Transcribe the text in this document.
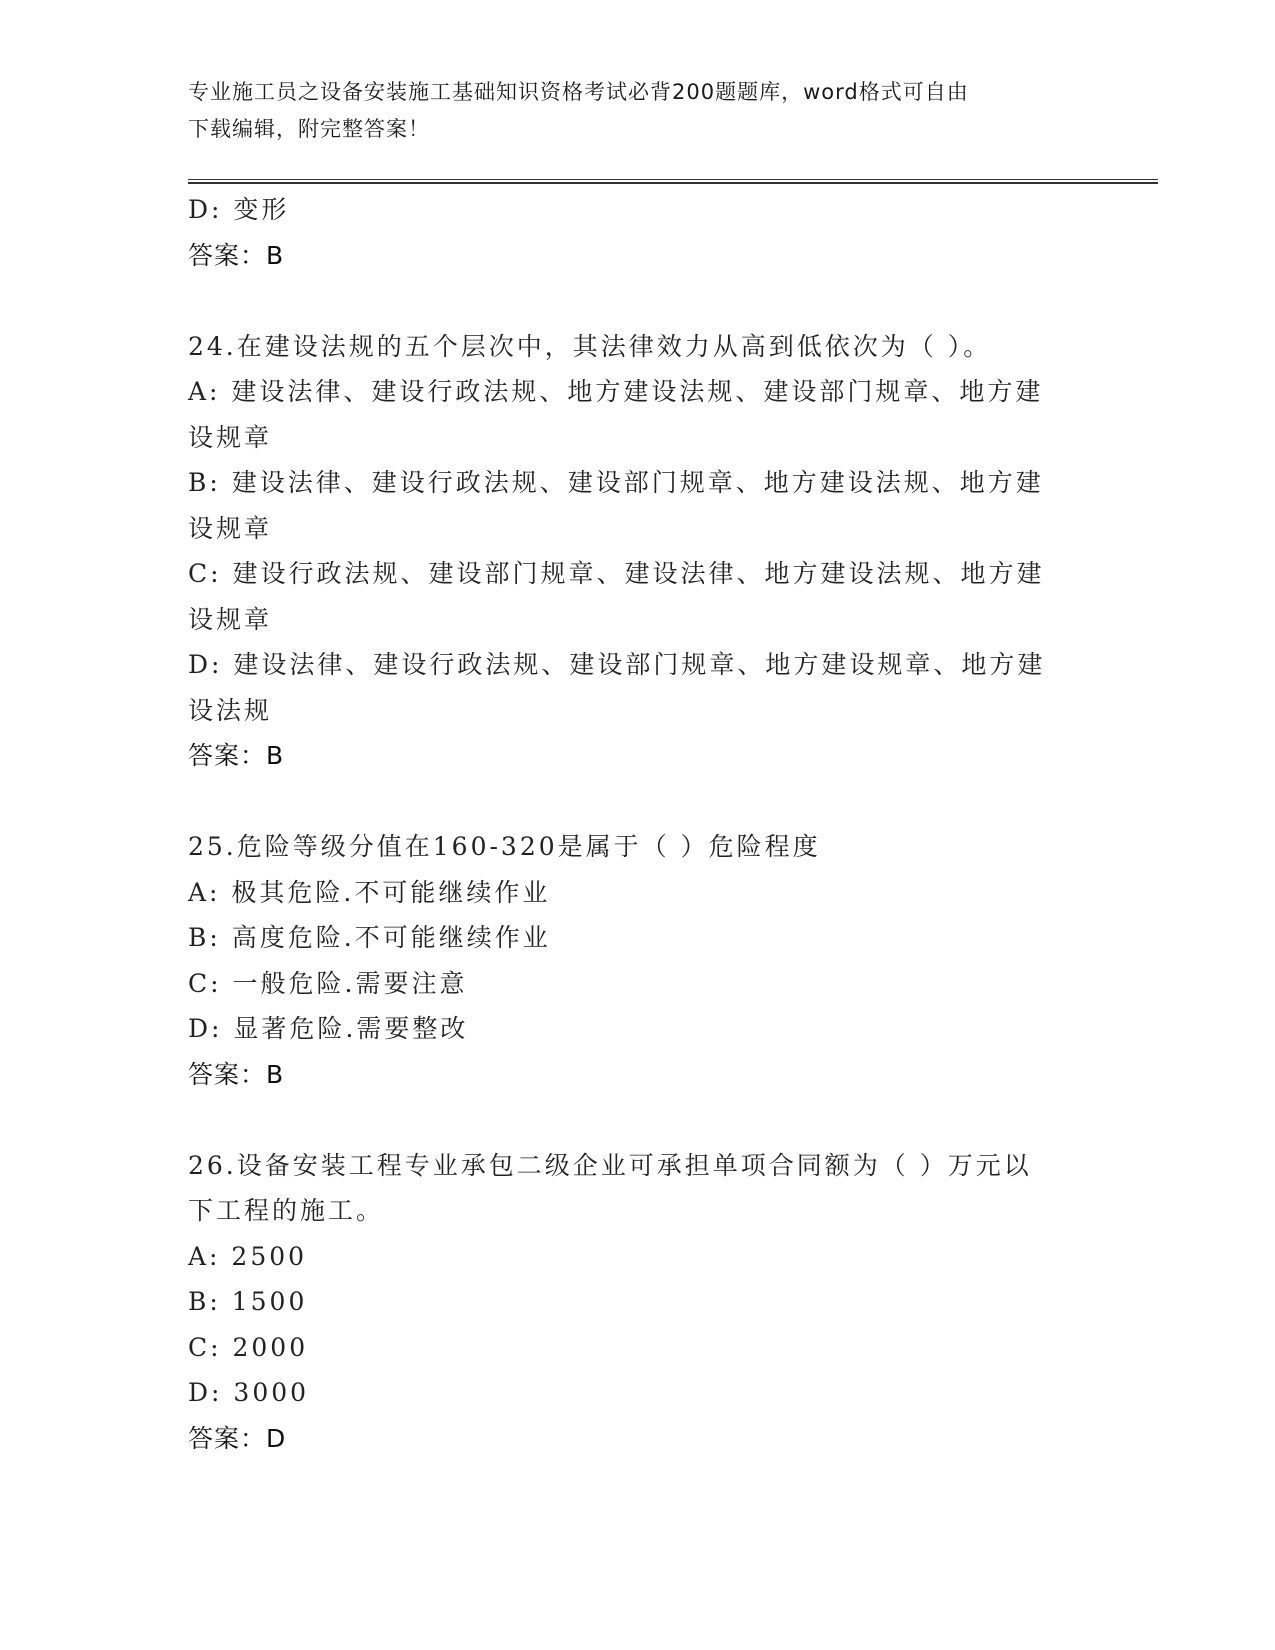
专业施工员之设备安装施工基础知识资格考试必背200题题库，word格式可自由
下载编辑，附完整答案！
D: 变形
答案：B
24.在建设法规的五个层次中，其法律效力从高到低依次为（ ）。
A: 建设法律、建设行政法规、地方建设法规、建设部门规章、地方建
设规章
B: 建设法律、建设行政法规、建设部门规章、地方建设法规、地方建
设规章
C: 建设行政法规、建设部门规章、建设法律、地方建设法规、地方建
设规章
D: 建设法律、建设行政法规、建设部门规章、地方建设规章、地方建
设法规
答案：B
25.危险等级分值在160-320是属于（ ）危险程度
A: 极其危险.不可能继续作业
B: 高度危险.不可能继续作业
C: 一般危险.需要注意
D: 显著危险.需要整改
答案：B
26.设备安装工程专业承包二级企业可承担单项合同额为（ ）万元以
下工程的施工。
A: 2500
B: 1500
C: 2000
D: 3000
答案：D
